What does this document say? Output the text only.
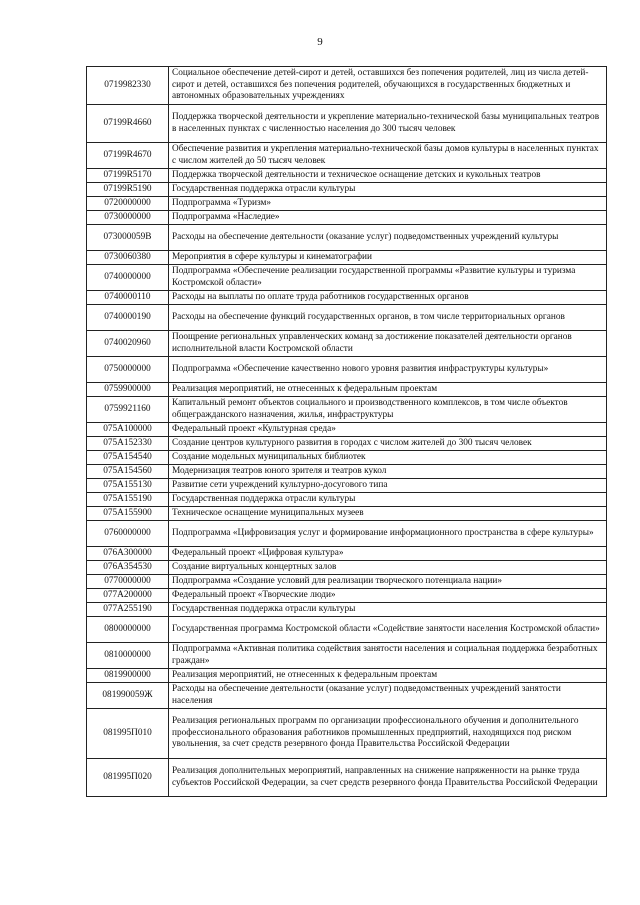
9
0719982330	Социальное обеспечение детей-сирот и детей, оставшихся без попечения родителей, лиц из числа детей-сирот и детей, оставшихся без попечения родителей, обучающихся в государственных бюджетных и автономных образовательных учреждениях
07199R4660	Поддержка творческой деятельности и укрепление материально-технической базы муниципальных театров в населенных пунктах с численностью населения до 300 тысяч человек
07199R4670	Обеспечение развития и укрепления материально-технической базы домов культуры в населенных пунктах с числом жителей до 50 тысяч человек
07199R5170	Поддержка творческой деятельности и техническое оснащение детских и кукольных театров
07199R5190	Государственная поддержка отрасли культуры
0720000000	Подпрограмма «Туризм»
0730000000	Подпрограмма «Наследие»
073000059В	Расходы на обеспечение деятельности (оказание услуг) подведомственных учреждений культуры
0730060380	Мероприятия в сфере культуры и кинематографии
0740000000	Подпрограмма «Обеспечение реализации государственной программы «Развитие культуры и туризма Костромской области»
0740000110	Расходы на выплаты по оплате труда работников государственных органов
0740000190	Расходы на обеспечение функций государственных органов, в том числе территориальных органов
0740020960	Поощрение региональных управленческих команд за достижение показателей деятельности органов исполнительной власти Костромской области
0750000000	Подпрограмма «Обеспечение качественно нового уровня развития инфраструктуры культуры»
0759900000	Реализация мероприятий, не отнесенных к федеральным проектам
0759921160	Капитальный ремонт объектов социального и производственного комплексов, в том числе объектов общегражданского назначения, жилья, инфраструктуры
075A100000	Федеральный проект «Культурная среда»
075A152330	Создание центров культурного развития в городах с числом жителей до 300 тысяч человек
075A154540	Создание модельных муниципальных библиотек
075A154560	Модернизация театров юного зрителя и театров кукол
075A155130	Развитие сети учреждений культурно-досугового типа
075A155190	Государственная поддержка отрасли культуры
075A155900	Техническое оснащение муниципальных музеев
0760000000	Подпрограмма «Цифровизация услуг и формирование информационного пространства в сфере культуры»
076A300000	Федеральный проект «Цифровая культура»
076A354530	Создание виртуальных концертных залов
0770000000	Подпрограмма «Создание условий для реализации творческого потенциала нации»
077A200000	Федеральный проект «Творческие люди»
077A255190	Государственная поддержка отрасли культуры
0800000000	Государственная программа Костромской области «Содействие занятости населения Костромской области»
0810000000	Подпрограмма «Активная политика содействия занятости населения и социальная поддержка безработных граждан»
0819900000	Реализация мероприятий, не отнесенных к федеральным проектам
081990059Ж	Расходы на обеспечение деятельности (оказание услуг) подведомственных учреждений занятости населения
081995П010	Реализация региональных программ по организации профессионального обучения и дополнительного профессионального образования работников промышленных предприятий, находящихся под риском увольнения, за счет средств резервного фонда Правительства Российской Федерации
081995П020	Реализация дополнительных мероприятий, направленных на снижение напряженности на рынке труда субъектов Российской Федерации, за счет средств резервного фонда Правительства Российской Федерации
